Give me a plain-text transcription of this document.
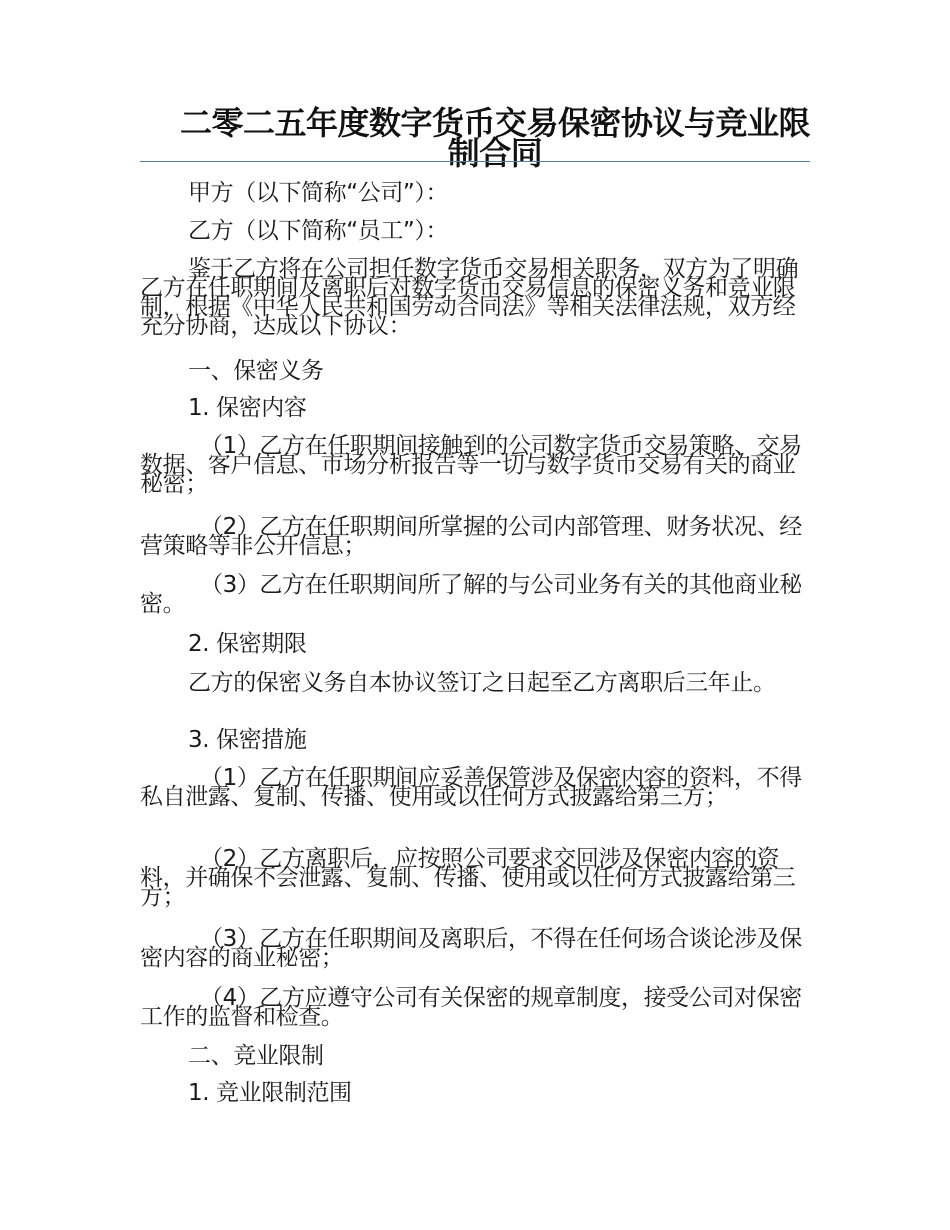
二零二五年度数字货币交易保密协议与竞业限制合同

甲方（以下简称“公司”）：

乙方（以下简称“员工”）：

鉴于乙方将在公司担任数字货币交易相关职务，双方为了明确乙方在任职期间及离职后对数字货币交易信息的保密义务和竞业限制，根据《中华人民共和国劳动合同法》等相关法律法规，双方经充分协商，达成以下协议：

一、保密义务

1. 保密内容

（1）乙方在任职期间接触到的公司数字货币交易策略、交易数据、客户信息、市场分析报告等一切与数字货币交易有关的商业秘密；

（2）乙方在任职期间所掌握的公司内部管理、财务状况、经营策略等非公开信息；

（3）乙方在任职期间所了解的与公司业务有关的其他商业秘密。

2. 保密期限

乙方的保密义务自本协议签订之日起至乙方离职后三年止。

3. 保密措施

（1）乙方在任职期间应妥善保管涉及保密内容的资料，不得私自泄露、复制、传播、使用或以任何方式披露给第三方；

（2）乙方离职后，应按照公司要求交回涉及保密内容的资料，并确保不会泄露、复制、传播、使用或以任何方式披露给第三方；

（3）乙方在任职期间及离职后，不得在任何场合谈论涉及保密内容的商业秘密；

（4）乙方应遵守公司有关保密的规章制度，接受公司对保密工作的监督和检查。

二、竞业限制

1. 竞业限制范围
